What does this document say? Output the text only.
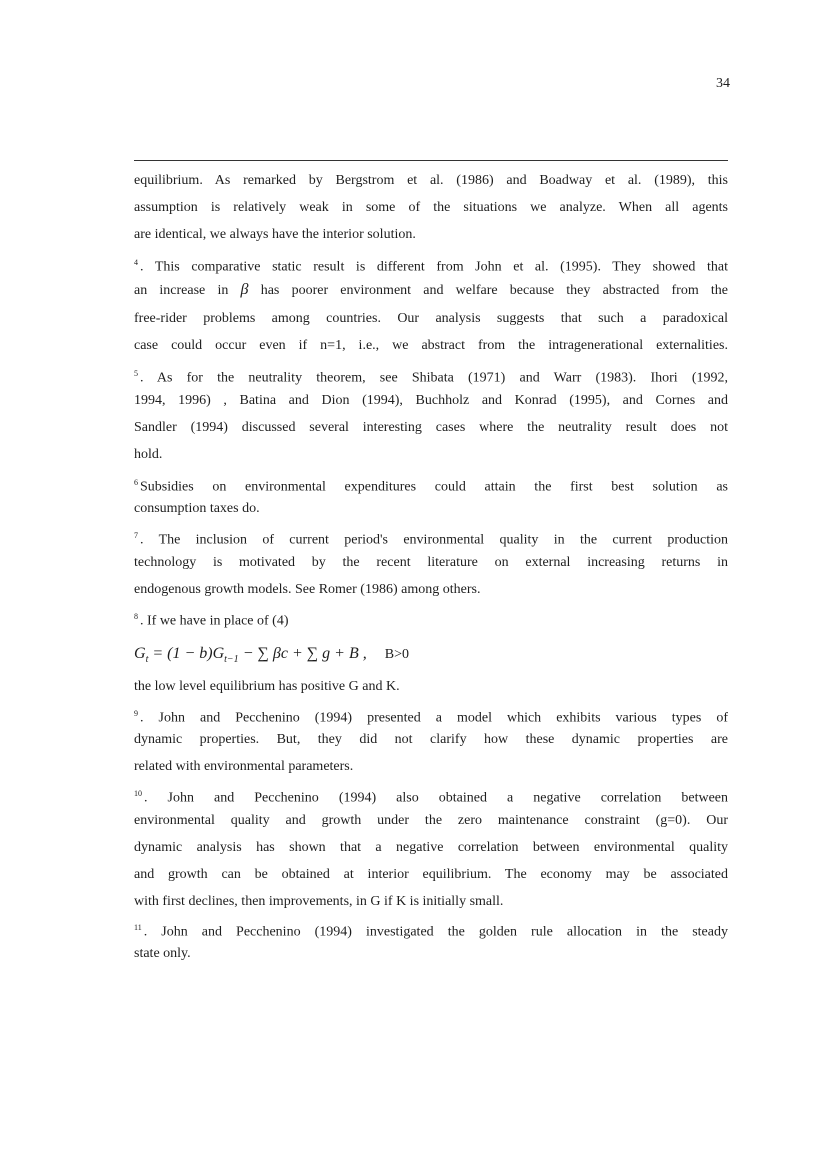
34
equilibrium. As remarked by Bergstrom et al. (1986) and Boadway et al. (1989), this
assumption is relatively weak in some of the situations we analyze. When all agents
are identical, we always have the interior solution.
$^4$ . This comparative static result is different from John et al. (1995). They showed that
an increase in β has poorer environment and welfare because they abstracted from the
free-rider problems among countries. Our analysis suggests that such a paradoxical
case could occur even if n=1, i.e., we abstract from the intragenerational externalities.
$^5$ . As for the neutrality theorem, see Shibata (1971) and Warr (1983). Ihori (1992,
1994, 1996) , Batina and Dion (1994), Buchholz and Konrad (1995), and Cornes and
Sandler (1994) discussed several interesting cases where the neutrality result does not
hold.
$^6$ Subsidies on environmental expenditures could attain the first best solution as
consumption taxes do.
$^7$ . The inclusion of current period's environmental quality in the current production
technology is motivated by the recent literature on external increasing returns in
endogenous growth models. See Romer (1986) among others.
$^8$ . If we have in place of (4)
$G_t = (1 - b)G_{t-1}$ − ∑ βc + ∑ g + B , B>0
the low level equilibrium has positive G and K.
$^9$ . John and Pecchenino (1994) presented a model which exhibits various types of
dynamic properties. But, they did not clarify how these dynamic properties are
related with environmental parameters.
$^{10}$ . John and Pecchenino (1994) also obtained a negative correlation between
environmental quality and growth under the zero maintenance constraint (g=0). Our
dynamic analysis has shown that a negative correlation between environmental quality
and growth can be obtained at interior equilibrium. The economy may be associated
with first declines, then improvements, in G if K is initially small.
$^{11}$ . John and Pecchenino (1994) investigated the golden rule allocation in the steady
state only.
